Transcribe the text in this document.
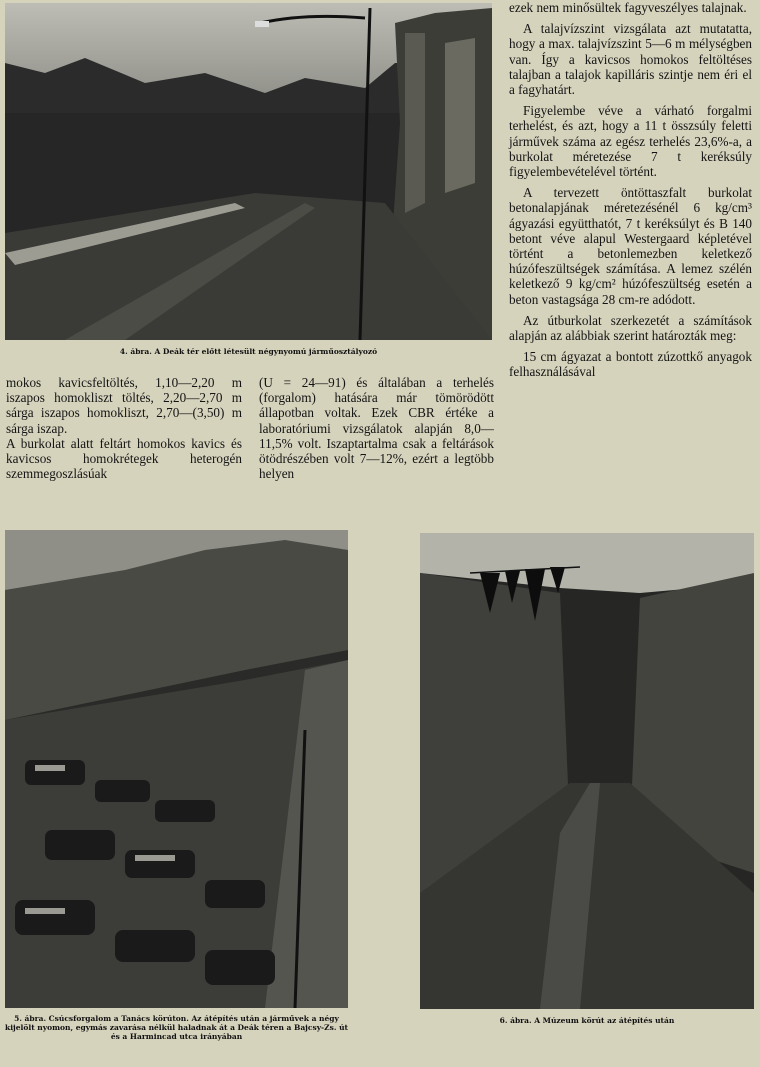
4. ábra. A Deák tér előtt létesült négynyomú járműosztályozó

ezek nem minősültek fagyveszélyes talajnak.

A talajvízszint vizsgálata azt mutatatta, hogy a max. talajvízszint 5—6 m mélységben van. Így a kavicsos homokos feltöltéses talajban a talajok kapilláris szintje nem éri el a fagyhatárt.

Figyelembe véve a várható forgalmi terhelést, és azt, hogy a 11 t összsúly feletti járművek száma az egész terhelés 23,6%-a, a burkolat méretezése 7 t keréksúly figyelembevételével történt.

A tervezett öntöttaszfalt burkolat betonalapjának méretezésénél 6 kg/cm³ ágyazási együtthatót, 7 t keréksúlyt és B 140 betont véve alapul Westergaard képletével történt a betonlemezben keletkező húzófeszültségek számítása. A lemez szélén keletkező 9 kg/cm² húzófeszültség esetén a beton vastagsága 28 cm-re adódott.

Az útburkolat szerkezetét a számítások alapján az alábbiak szerint határozták meg:

15 cm ágyazat a bontott zúzottkő anyagok felhasználásával

mokos kavicsfeltöltés, 1,10—2,20 m iszapos homokliszt töltés, 2,20—2,70 m sárga iszapos homokliszt, 2,70—(3,50) m sárga iszap.

A burkolat alatt feltárt homokos kavics és kavicsos homokrétegek heterogén szemmegoszlásúak

(U = 24—91) és általában a terhelés (forgalom) hatására már tömörödött állapotban voltak. Ezek CBR értéke a laboratóriumi vizsgálatok alapján 8,0—11,5% volt. Iszaptartalma csak a feltárások ötödrészében volt 7—12%, ezért a legtöbb helyen

5. ábra. Csúcsforgalom a Tanács körúton. Az átépítés után a járművek a négy kijelölt nyomon, egymás zavarása nélkül haladnak át a Deák téren a Bajcsy-Zs. út és a Harmincad utca irányában
6. ábra. A Múzeum körút az átépítés után
